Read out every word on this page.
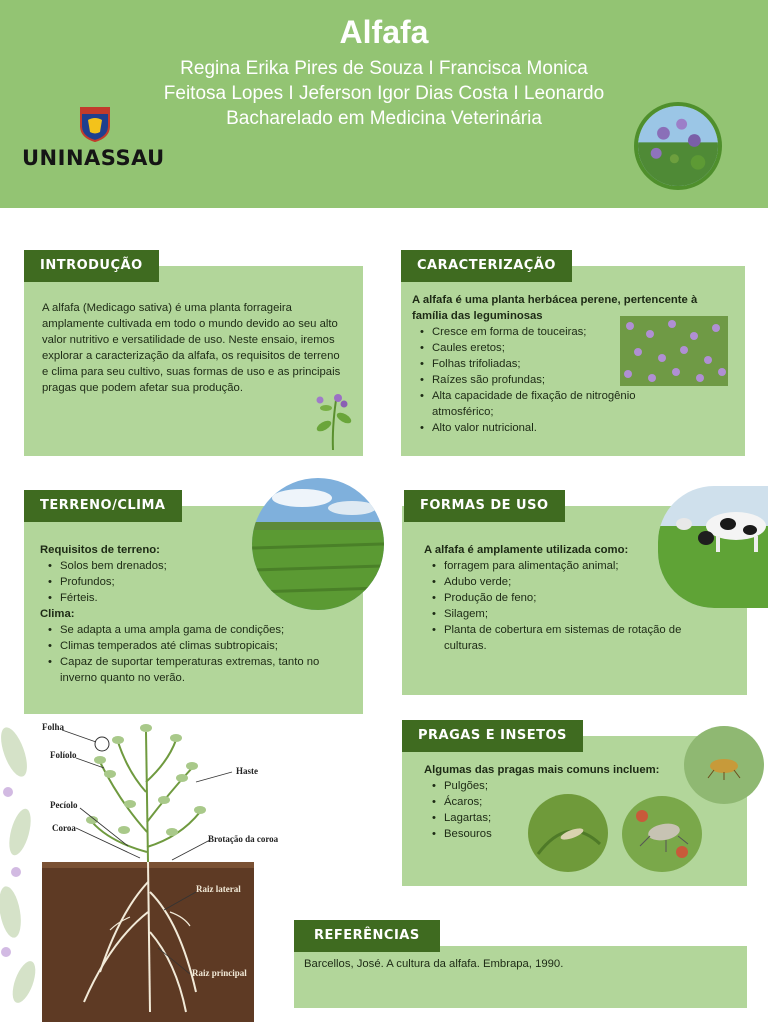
Alfafa
Regina Erika Pires de Souza I Francisca Monica
Feitosa Lopes I Jeferson Igor Dias Costa I Leonardo
Bacharelado em Medicina Veterinária
UNINASSAU
INTRODUÇÃO
A alfafa (Medicago sativa) é uma planta forrageira amplamente cultivada em todo o mundo devido ao seu alto valor nutritivo e versatilidade de uso. Neste ensaio, iremos explorar a caracterização da alfafa, os requisitos de terreno e clima para seu cultivo, suas formas de uso e as principais pragas que podem afetar sua produção.
CARACTERIZAÇÃO
A alfafa é uma planta herbácea perene, pertencente à família das leguminosas
• Cresce em forma de touceiras;
• Caules eretos;
• Folhas trifoliadas;
• Raízes são profundas;
• Alta capacidade de fixação de nitrogênio atmosférico;
• Alto valor nutricional.
TERRENO/CLIMA
Requisitos de terreno:
• Solos bem drenados;
• Profundos;
• Férteis.
Clima:
• Se adapta a uma ampla gama de condições;
• Climas temperados até climas subtropicais;
• Capaz de suportar temperaturas extremas, tanto no inverno quanto no verão.
FORMAS DE USO
A alfafa é amplamente utilizada como:
• forragem para alimentação animal;
• Adubo verde;
• Produção de feno;
• Silagem;
• Planta de cobertura em sistemas de rotação de culturas.
Folha
Folíolo
Haste
Pecíolo
Coroa
Brotação da coroa
Raiz lateral
Raiz principal
PRAGAS E INSETOS
Algumas das pragas mais comuns incluem:
• Pulgões;
• Ácaros;
• Lagartas;
• Besouros
REFERÊNCIAS
Barcellos, José. A cultura da alfafa. Embrapa, 1990.
